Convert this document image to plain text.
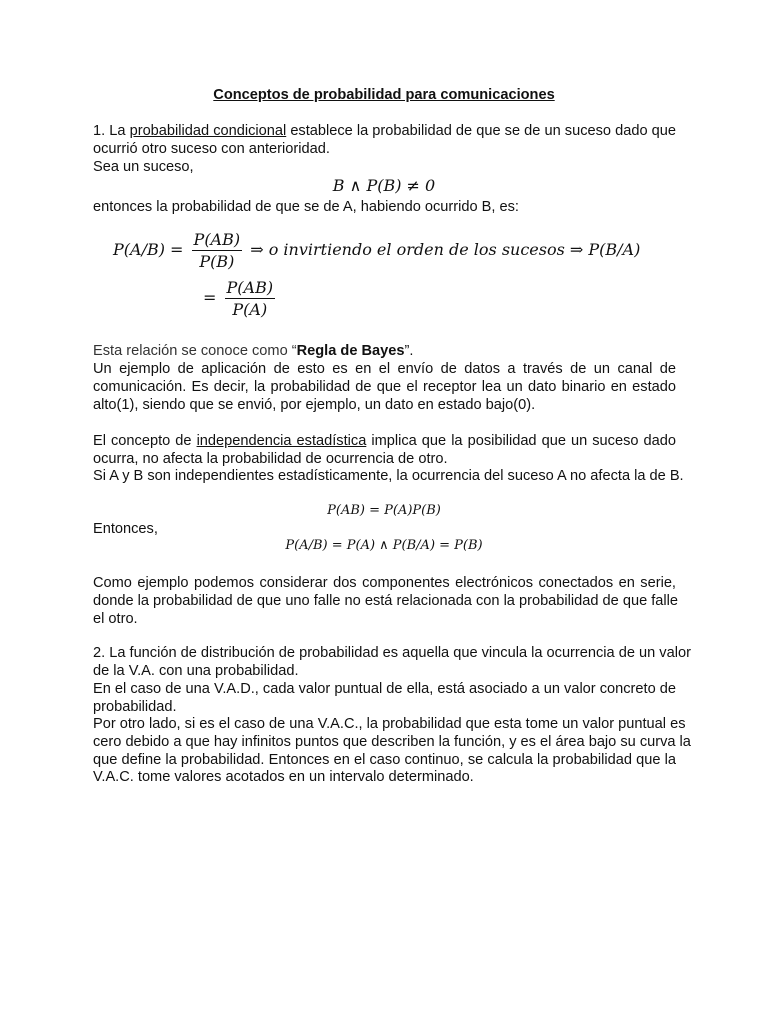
Conceptos de probabilidad para comunicaciones
1. La probabilidad condicional establece la probabilidad de que se de un suceso dado que
ocurrió otro suceso con anterioridad.
Sea un suceso,
B ∧ P(B) ≠ 0
entonces la probabilidad de que se de A, habiendo ocurrido B, es:
$P(A/B) = \frac{P(AB)}{P(B)}$ ⇒ o invirtiendo el orden de los sucesos ⇒ P(B/A)
= $\frac{P(AB)}{P(A)}$
Esta relación se conoce como “Regla de Bayes”.
Un ejemplo de aplicación de esto es en el envío de datos a través de un canal de
comunicación. Es decir, la probabilidad de que el receptor lea un dato binario en estado
alto(1), siendo que se envió, por ejemplo, un dato en estado bajo(0).
El concepto de independencia estadística implica que la posibilidad que un suceso dado
ocurra, no afecta la probabilidad de ocurrencia de otro.
Si A y B son independientes estadísticamente, la ocurrencia del suceso A no afecta la de B.
P(AB) = P(A)P(B)
Entonces,
P(A/B) = P(A) ∧ P(B/A) = P(B)
Como ejemplo podemos considerar dos componentes electrónicos conectados en serie,
donde la probabilidad de que uno falle no está relacionada con la probabilidad de que falle
el otro.
2. La función de distribución de probabilidad es aquella que vincula la ocurrencia de un valor
de la V.A. con una probabilidad.
En el caso de una V.A.D., cada valor puntual de ella, está asociado a un valor concreto de
probabilidad.
Por otro lado, si es el caso de una V.A.C., la probabilidad que esta tome un valor puntual es
cero debido a que hay infinitos puntos que describen la función, y es el área bajo su curva la
que define la probabilidad. Entonces en el caso continuo, se calcula la probabilidad que la
V.A.C. tome valores acotados en un intervalo determinado.
